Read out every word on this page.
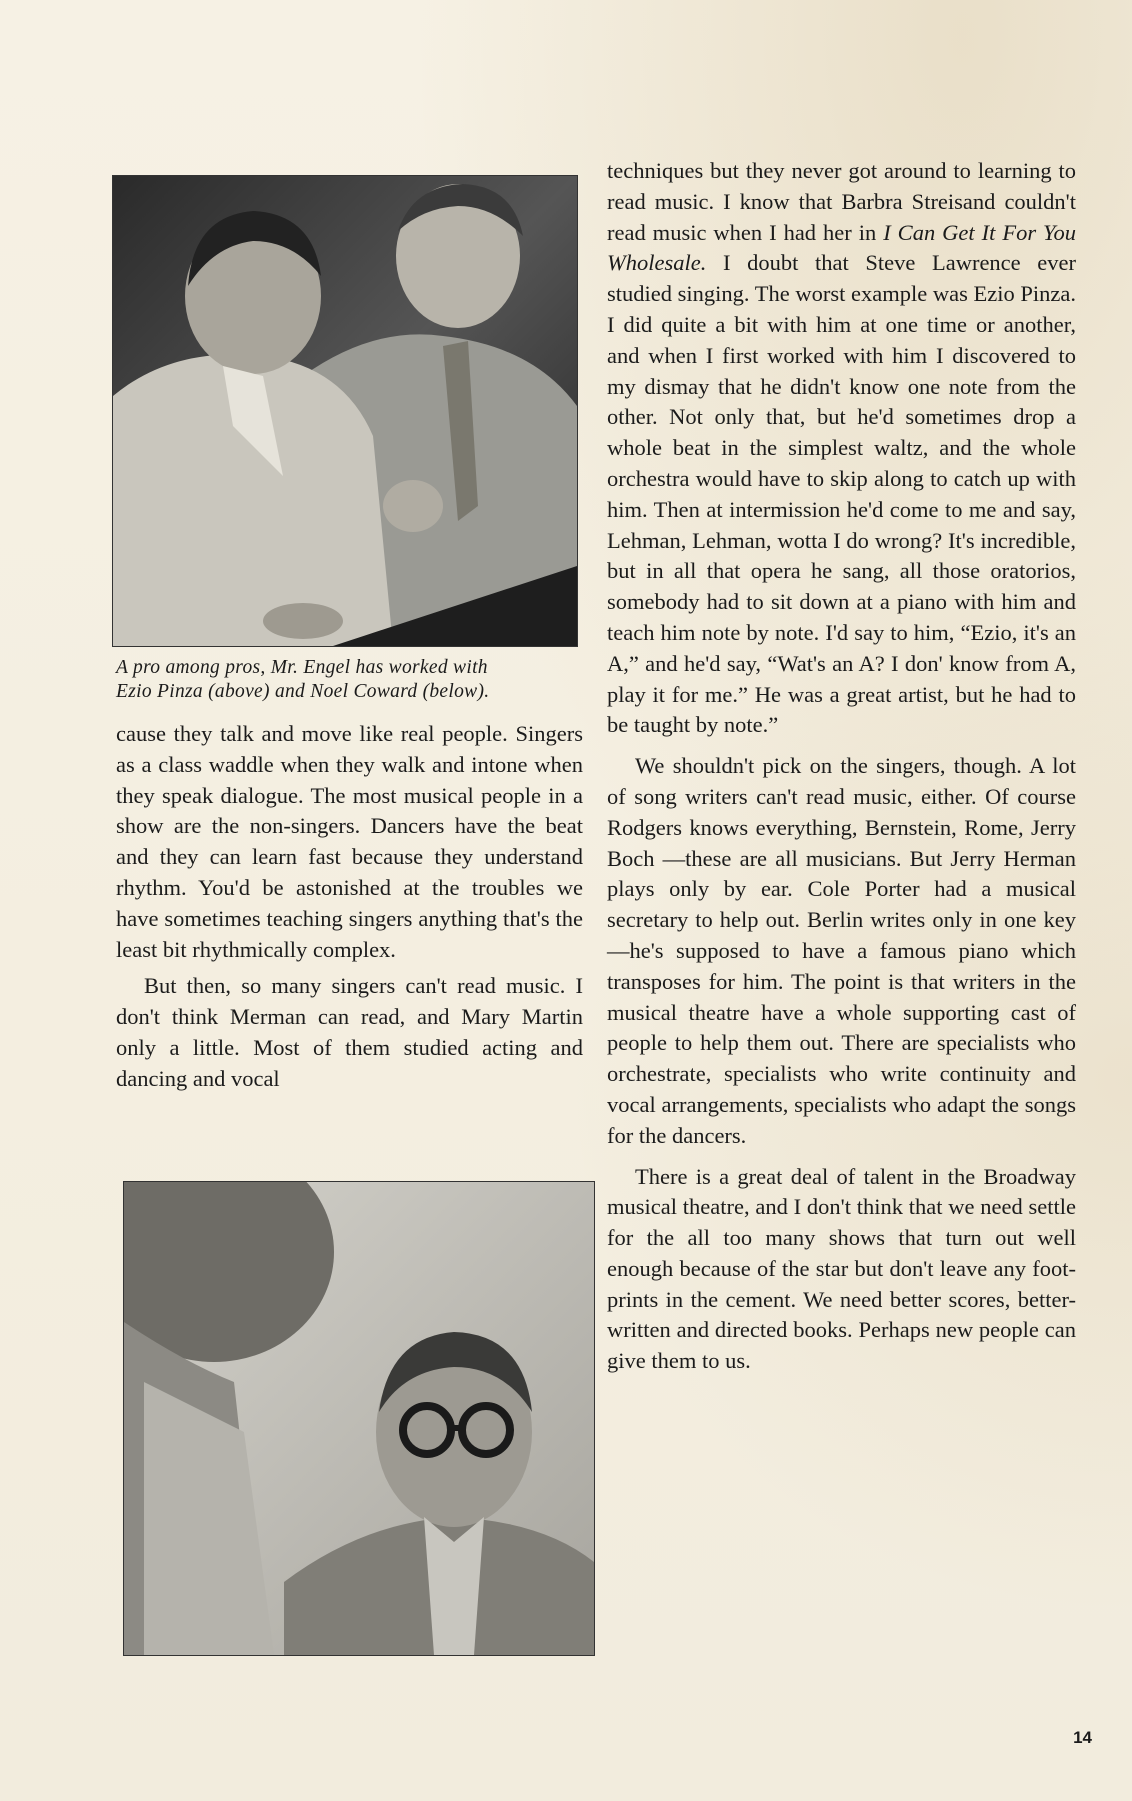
A pro among pros, Mr. Engel has worked with
Ezio Pinza (above) and Noel Coward (below).

cause they talk and move like real people. Singers as a class waddle when they walk and intone when they speak dialogue. The most musical people in a show are the non-singers. Dancers have the beat and they can learn fast because they understand rhythm. You'd be astonished at the troubles we have sometimes teaching singers anything that's the least bit rhythmically complex.

But then, so many singers can't read music. I don't think Merman can read, and Mary Martin only a little. Most of them studied acting and dancing and vocal

techniques but they never got around to learning to read music. I know that Barbra Streisand couldn't read music when I had her in I Can Get It For You Wholesale. I doubt that Steve Lawrence ever studied singing. The worst example was Ezio Pinza. I did quite a bit with him at one time or another, and when I first worked with him I discovered to my dismay that he didn't know one note from the other. Not only that, but he'd sometimes drop a whole beat in the simplest waltz, and the whole orchestra would have to skip along to catch up with him. Then at intermission he'd come to me and say, Lehman, Lehman, wotta I do wrong? It's incredible, but in all that opera he sang, all those oratorios, somebody had to sit down at a piano with him and teach him note by note. I'd say to him, “Ezio, it's an A,” and he'd say, “Wat's an A? I don' know from A, play it for me.” He was a great artist, but he had to be taught by note.”

We shouldn't pick on the singers, though. A lot of song writers can't read music, either. Of course Rodgers knows everything, Bernstein, Rome, Jerry Boch —these are all musicians. But Jerry Herman plays only by ear. Cole Porter had a musical secretary to help out. Berlin writes only in one key—he's supposed to have a famous piano which transposes for him. The point is that writers in the musical theatre have a whole supporting cast of people to help them out. There are specialists who orchestrate, specialists who write continuity and vocal arrangements, specialists who adapt the songs for the dancers.

There is a great deal of talent in the Broadway musical theatre, and I don't think that we need settle for the all too many shows that turn out well enough because of the star but don't leave any footprints in the cement. We need better scores, better-written and directed books. Perhaps new people can give them to us.

14
